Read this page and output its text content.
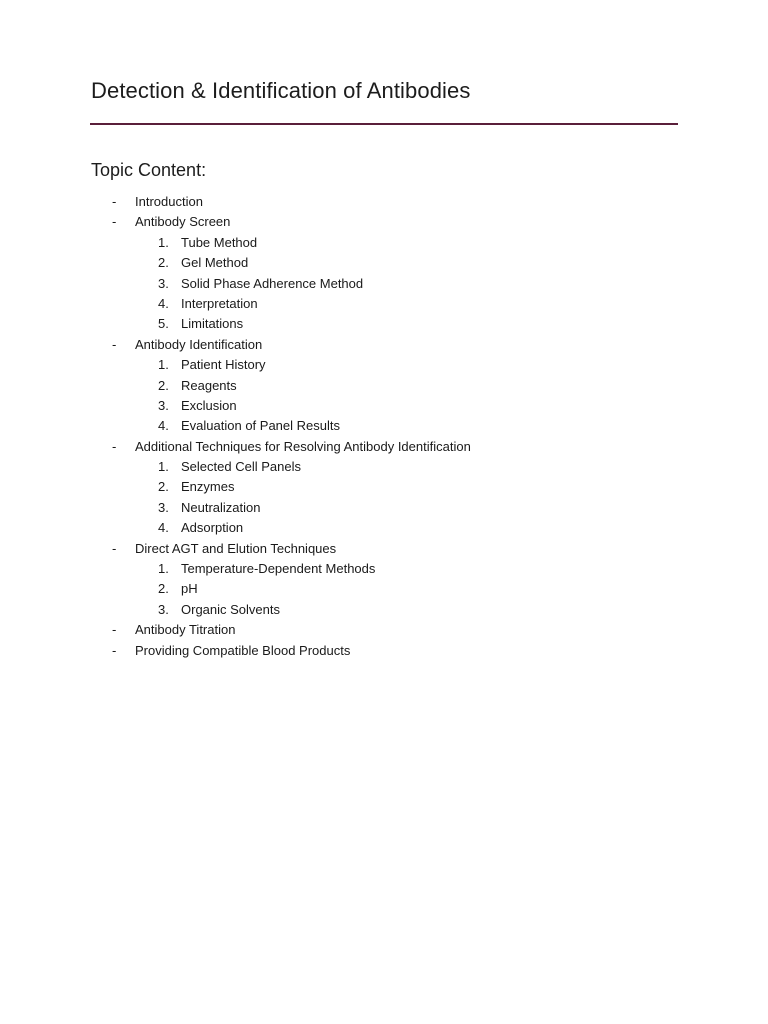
Detection & Identification of Antibodies
Topic Content:
- Introduction
- Antibody Screen
1. Tube Method
2. Gel Method
3. Solid Phase Adherence Method
4. Interpretation
5. Limitations
- Antibody Identification
1. Patient History
2. Reagents
3. Exclusion
4. Evaluation of Panel Results
- Additional Techniques for Resolving Antibody Identification
1. Selected Cell Panels
2. Enzymes
3. Neutralization
4. Adsorption
- Direct AGT and Elution Techniques
1. Temperature-Dependent Methods
2. pH
3. Organic Solvents
- Antibody Titration
- Providing Compatible Blood Products
